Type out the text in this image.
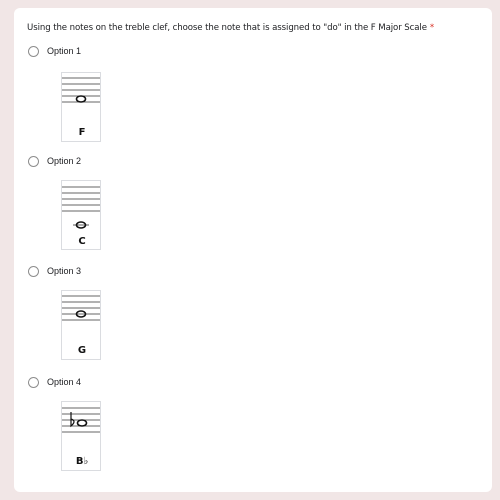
Using the notes on the treble clef, choose the note that is assigned to "do" in the F Major Scale *
Option 1
F
Option 2
C
Option 3
G
Option 4
B♭
